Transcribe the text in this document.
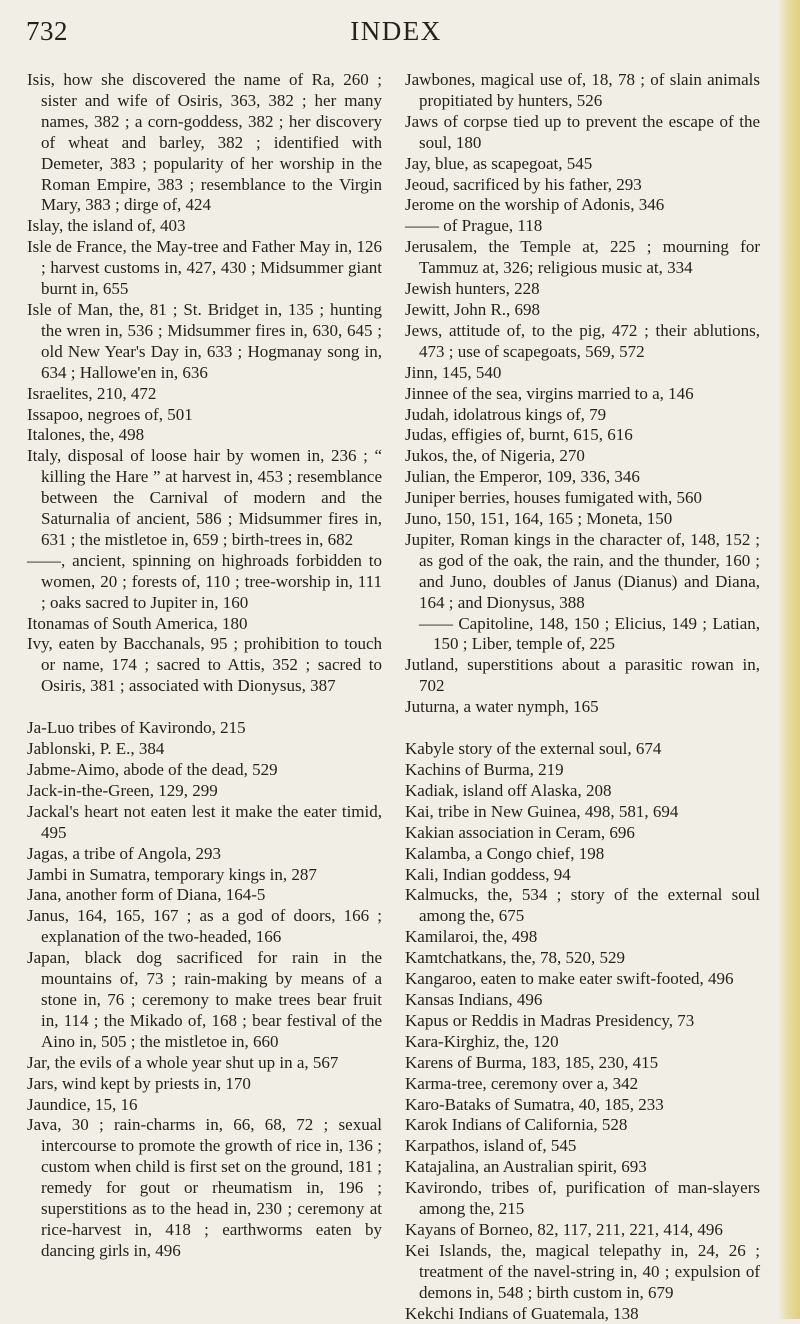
732	INDEX
Isis, how she discovered the name of Ra, 260 ; sister and wife of Osiris, 363, 382 ; her many names, 382 ; a corn-goddess, 382 ; her discovery of wheat and barley, 382 ; identified with Demeter, 383 ; popularity of her worship in the Roman Empire, 383 ; resemblance to the Virgin Mary, 383 ; dirge of, 424
Islay, the island of, 403
Isle de France, the May-tree and Father May in, 126 ; harvest customs in, 427, 430 ; Midsummer giant burnt in, 655
Isle of Man, the, 81 ; St. Bridget in, 135 ; hunting the wren in, 536 ; Midsummer fires in, 630, 645 ; old New Year's Day in, 633 ; Hogmanay song in, 634 ; Hallowe'en in, 636
Israelites, 210, 472
Issapoo, negroes of, 501
Italones, the, 498
Italy, disposal of loose hair by women in, 236 ; “ killing the Hare ” at harvest in, 453 ; resemblance between the Carnival of modern and the Saturnalia of ancient, 586 ; Midsummer fires in, 631 ; the mistletoe in, 659 ; birth-trees in, 682
——, ancient, spinning on highroads forbidden to women, 20 ; forests of, 110 ; tree-worship in, 111 ; oaks sacred to Jupiter in, 160
Itonamas of South America, 180
Ivy, eaten by Bacchanals, 95 ; prohibition to touch or name, 174 ; sacred to Attis, 352 ; sacred to Osiris, 381 ; associated with Dionysus, 387
Ja-Luo tribes of Kavirondo, 215
Jablonski, P. E., 384
Jabme-Aimo, abode of the dead, 529
Jack-in-the-Green, 129, 299
Jackal's heart not eaten lest it make the eater timid, 495
Jagas, a tribe of Angola, 293
Jambi in Sumatra, temporary kings in, 287
Jana, another form of Diana, 164-5
Janus, 164, 165, 167 ; as a god of doors, 166 ; explanation of the two-headed, 166
Japan, black dog sacrificed for rain in the mountains of, 73 ; rain-making by means of a stone in, 76 ; ceremony to make trees bear fruit in, 114 ; the Mikado of, 168 ; bear festival of the Aino in, 505 ; the mistletoe in, 660
Jar, the evils of a whole year shut up in a, 567
Jars, wind kept by priests in, 170
Jaundice, 15, 16
Java, 30 ; rain-charms in, 66, 68, 72 ; sexual intercourse to promote the growth of rice in, 136 ; custom when child is first set on the ground, 181 ; remedy for gout or rheumatism in, 196 ; superstitions as to the head in, 230 ; ceremony at rice-harvest in, 418 ; earthworms eaten by dancing girls in, 496
Jawbones, magical use of, 18, 78 ; of slain animals propitiated by hunters, 526
Jaws of corpse tied up to prevent the escape of the soul, 180
Jay, blue, as scapegoat, 545
Jeoud, sacrificed by his father, 293
Jerome on the worship of Adonis, 346
—— of Prague, 118
Jerusalem, the Temple at, 225 ; mourning for Tammuz at, 326; religious music at, 334
Jewish hunters, 228
Jewitt, John R., 698
Jews, attitude of, to the pig, 472 ; their ablutions, 473 ; use of scapegoats, 569, 572
Jinn, 145, 540
Jinnee of the sea, virgins married to a, 146
Judah, idolatrous kings of, 79
Judas, effigies of, burnt, 615, 616
Jukos, the, of Nigeria, 270
Julian, the Emperor, 109, 336, 346
Juniper berries, houses fumigated with, 560
Juno, 150, 151, 164, 165 ; Moneta, 150
Jupiter, Roman kings in the character of, 148, 152 ; as god of the oak, the rain, and the thunder, 160 ; and Juno, doubles of Janus (Dianus) and Diana, 164 ; and Dionysus, 388
—— Capitoline, 148, 150 ; Elicius, 149 ; Latian, 150 ; Liber, temple of, 225
Jutland, superstitions about a parasitic rowan in, 702
Juturna, a water nymph, 165
Kabyle story of the external soul, 674
Kachins of Burma, 219
Kadiak, island off Alaska, 208
Kai, tribe in New Guinea, 498, 581, 694
Kakian association in Ceram, 696
Kalamba, a Congo chief, 198
Kali, Indian goddess, 94
Kalmucks, the, 534 ; story of the external soul among the, 675
Kamilaroi, the, 498
Kamtchatkans, the, 78, 520, 529
Kangaroo, eaten to make eater swift-footed, 496
Kansas Indians, 496
Kapus or Reddis in Madras Presidency, 73
Kara-Kirghiz, the, 120
Karens of Burma, 183, 185, 230, 415
Karma-tree, ceremony over a, 342
Karo-Bataks of Sumatra, 40, 185, 233
Karok Indians of California, 528
Karpathos, island of, 545
Katajalina, an Australian spirit, 693
Kavirondo, tribes of, purification of man-slayers among the, 215
Kayans of Borneo, 82, 117, 211, 221, 414, 496
Kei Islands, the, magical telepathy in, 24, 26 ; treatment of the navel-string in, 40 ; expulsion of demons in, 548 ; birth custom in, 679
Kekchi Indians of Guatemala, 138
